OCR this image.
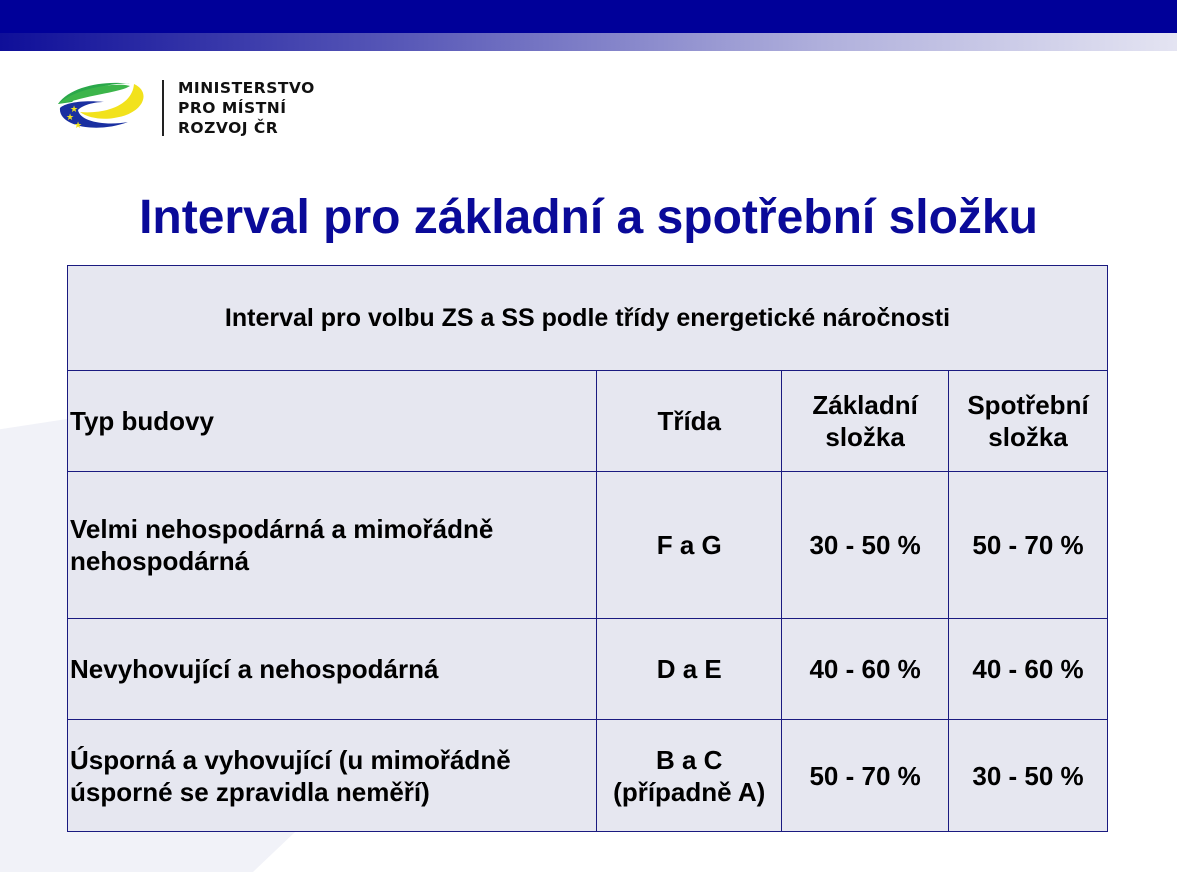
★
★
★
MINISTERSTVO
PRO MÍSTNÍ
ROZVOJ ČR
Interval pro základní a spotřební složku
Interval pro volbu ZS a SS podle třídy energetické náročnosti			
Typ budovy	Třída	Základní složka	Spotřební složka
Velmi nehospodárná a mimořádně nehospodárná	F a G	30 - 50 %	50 - 70 %
Nevyhovující a nehospodárná	D a E	40 - 60 %	40 - 60 %
Úsporná a vyhovující (u mimořádně úsporné se zpravidla neměří)	B a C (případně A)	50 - 70 %	30 - 50 %
